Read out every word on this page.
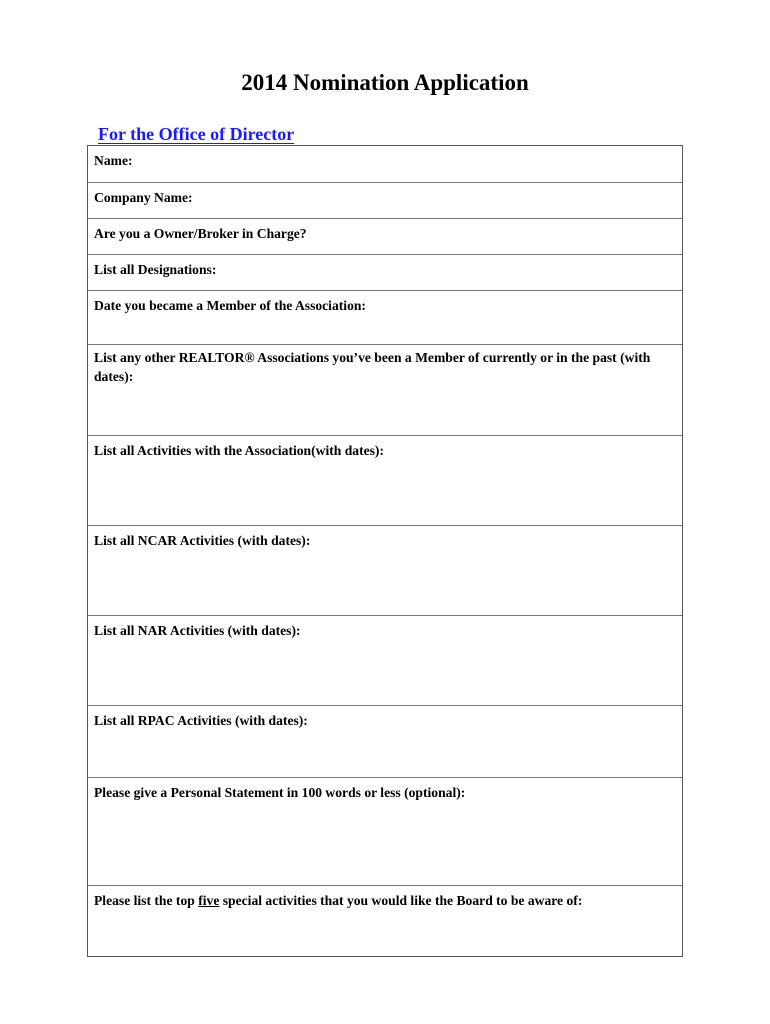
2014 Nomination Application
For the Office of Director
Name:
Company Name:
Are you a Owner/Broker in Charge?
List all Designations:
Date you became a Member of the Association:
List any other REALTOR® Associations you’ve been a Member of currently or in the past (with dates):
List all Activities with the Association(with dates):
List all NCAR Activities (with dates):
List all NAR Activities (with dates):
List all RPAC Activities (with dates):
Please give a Personal Statement in 100 words or less (optional):
Please list the top five special activities that you would like the Board to be aware of:
